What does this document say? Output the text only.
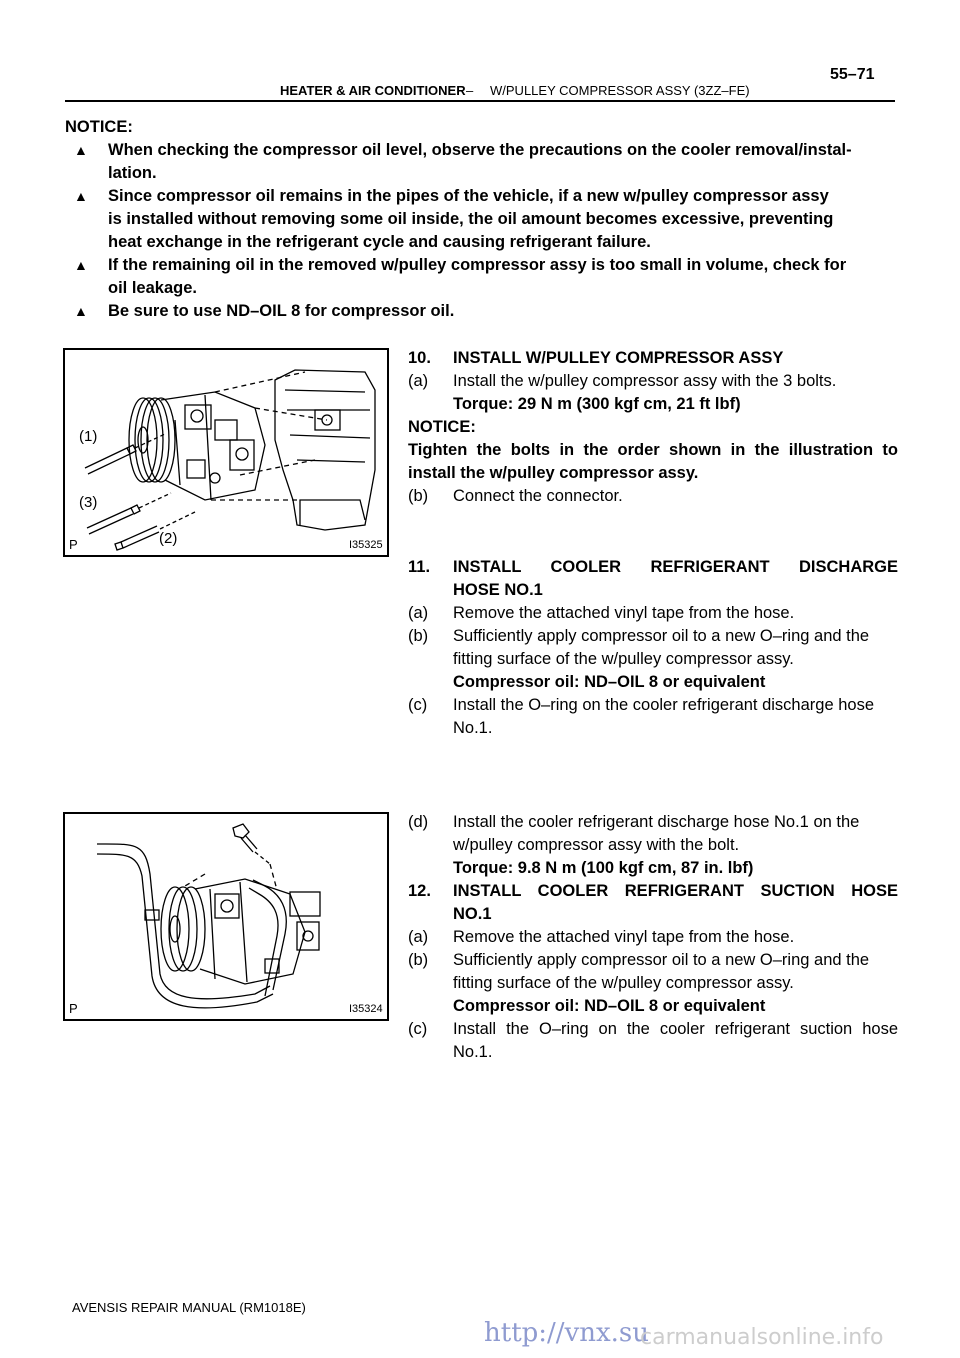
55–71
HEATER & AIR CONDITIONER – W/PULLEY COMPRESSOR ASSY (3ZZ–FE)
NOTICE:
▲ When checking the compressor oil level, observe the precautions on the cooler removal/instal-
lation.
▲ Since compressor oil remains in the pipes of the vehicle, if a new w/pulley compressor assy
is installed without removing some oil inside, the oil amount becomes excessive, preventing
heat exchange in the refrigerant cycle and causing refrigerant failure.
▲ If the remaining oil in the removed w/pulley compressor assy is too small in volume, check for
oil leakage.
▲ Be sure to use ND–OIL 8 for compressor oil.
(1)
(3)
(2)
P	I35325
10. INSTALL W/PULLEY COMPRESSOR ASSY
(a) Install the w/pulley compressor assy with the 3 bolts.
Torque: 29 N m (300 kgf cm, 21 ft lbf)
NOTICE:
Tighten the bolts in the order shown in the illustration to
install the w/pulley compressor assy.
(b) Connect the connector.
11. INSTALL COOLER REFRIGERANT DISCHARGE
HOSE NO.1
(a) Remove the attached vinyl tape from the hose.
(b) Sufficiently apply compressor oil to a new O–ring and the
fitting surface of the w/pulley compressor assy.
Compressor oil: ND–OIL 8 or equivalent
(c) Install the O–ring on the cooler refrigerant discharge hose
No.1.
P	I35324
(d) Install the cooler refrigerant discharge hose No.1 on the
w/pulley compressor assy with the bolt.
Torque: 9.8 N m (100 kgf cm, 87 in. lbf)
12. INSTALL COOLER REFRIGERANT SUCTION HOSE
NO.1
(a) Remove the attached vinyl tape from the hose.
(b) Sufficiently apply compressor oil to a new O–ring and the
fitting surface of the w/pulley compressor assy.
Compressor oil: ND–OIL 8 or equivalent
(c) Install the O–ring on the cooler refrigerant suction hose
No.1.
AVENSIS REPAIR MANUAL (RM1018E)
http://vnx.su
carmanualsonline.info
